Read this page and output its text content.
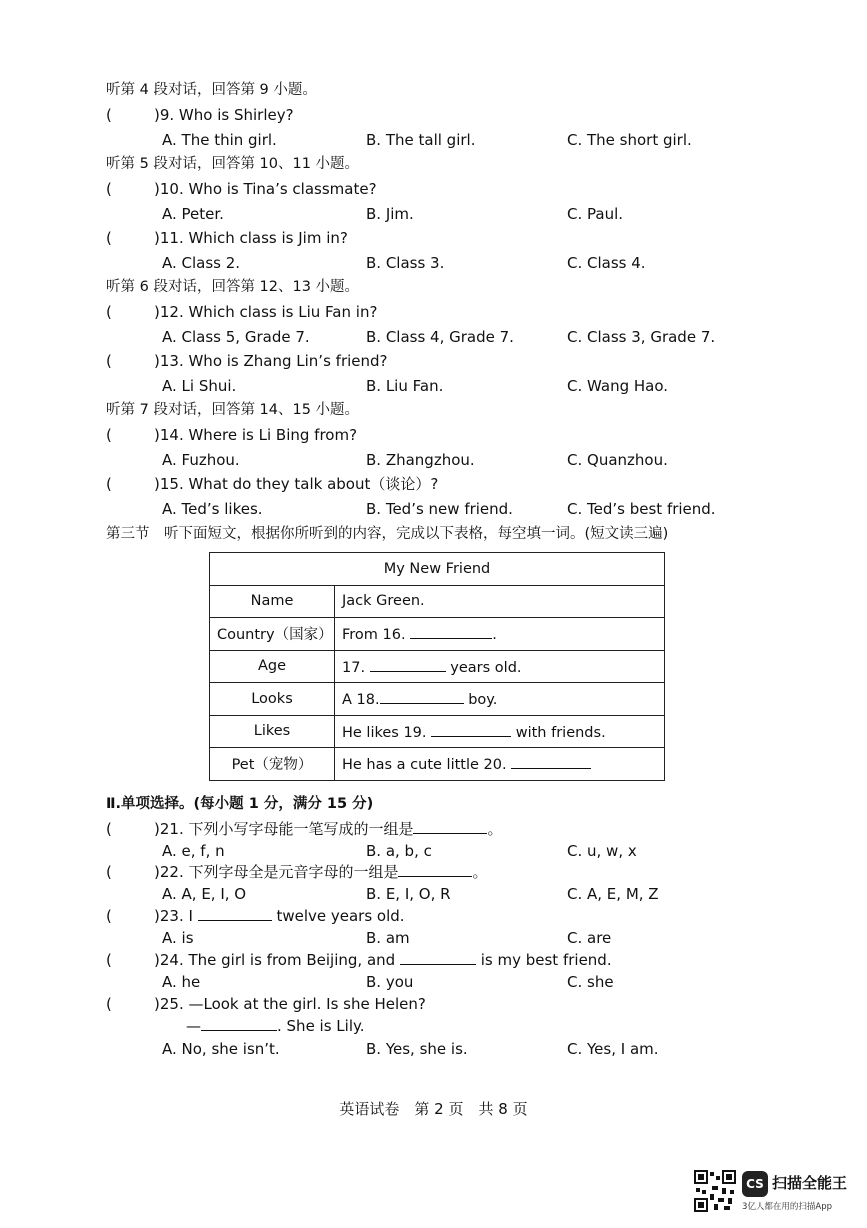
听第 4 段对话，回答第 9 小题。
(	)9. Who is Shirley?
A. The thin girl.	B. The tall girl.	C. The short girl.
听第 5 段对话，回答第 10、11 小题。
(	)10. Who is Tina’s classmate?
A. Peter.	B. Jim.	C. Paul.
(	)11. Which class is Jim in?
A. Class 2.	B. Class 3.	C. Class 4.
听第 6 段对话，回答第 12、13 小题。
(	)12. Which class is Liu Fan in?
A. Class 5, Grade 7.	B. Class 4, Grade 7.	C. Class 3, Grade 7.
(	)13. Who is Zhang Lin’s friend?
A. Li Shui.	B. Liu Fan.	C. Wang Hao.
听第 7 段对话，回答第 14、15 小题。
(	)14. Where is Li Bing from?
A. Fuzhou.	B. Zhangzhou.	C. Quanzhou.
(	)15. What do they talk about（谈论）?
A. Ted’s likes.	B. Ted’s new friend.	C. Ted’s best friend.
第三节　听下面短文，根据你所听到的内容，完成以下表格，每空填一词。(短文读三遍)
My New Friend	
Name	Jack Green.
Country（国家）	From 16. .
Age	17. years old.
Looks	A 18. boy.
Likes	He likes 19. with friends.
Pet（宠物）	He has a cute little 20.
Ⅱ.单项选择。(每小题 1 分，满分 15 分)
(	)21. 下列小写字母能一笔写成的一组是	。
A. e, f, n	B. a, b, c	C. u, w, x
(	)22. 下列字母全是元音字母的一组是	。
A. A, E, I, O	B. E, I, O, R	C. A, E, M, Z
(	)23. I	twelve years old.
A. is	B. am	C. are
(	)24. The girl is from Beijing, and	is my best friend.
A. he	B. you	C. she
(	)25. —Look at the girl. Is she Helen?
—	. She is Lily.
A. No, she isn’t.	B. Yes, she is.	C. Yes, I am.
英语试卷　第 2 页　共 8 页
CS 扫描全能王
3亿人都在用的扫描App
